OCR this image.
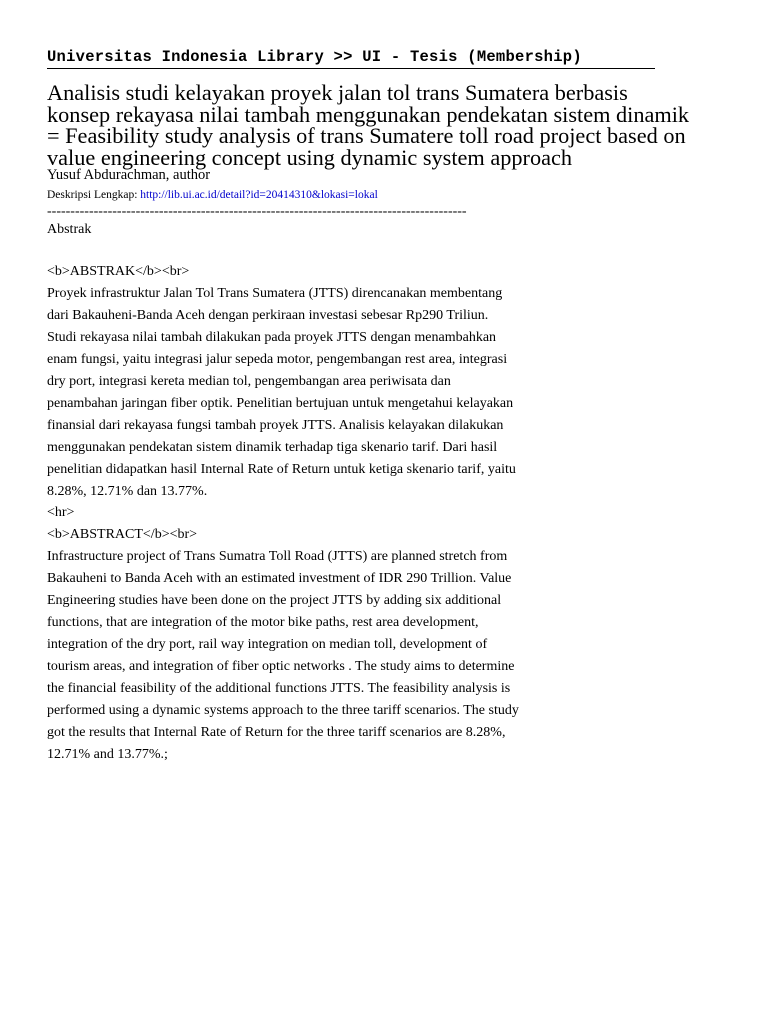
Universitas Indonesia Library >> UI - Tesis (Membership)
Analisis studi kelayakan proyek jalan tol trans Sumatera berbasis
konsep rekayasa nilai tambah menggunakan pendekatan sistem dinamik
= Feasibility study analysis of trans Sumatere toll road project based on
value engineering concept using dynamic system approach
Yusuf Abdurachman, author
Deskripsi Lengkap: http://lib.ui.ac.id/detail?id=20414310&lokasi=lokal
------------------------------------------------------------------------------------------
Abstrak
<b>ABSTRAK</b><br>
Proyek infrastruktur Jalan Tol Trans Sumatera (JTTS) direncanakan membentang
dari Bakauheni-Banda Aceh dengan perkiraan investasi sebesar Rp290 Triliun.
Studi rekayasa nilai tambah dilakukan pada proyek JTTS dengan menambahkan
enam fungsi, yaitu integrasi jalur sepeda motor, pengembangan rest area, integrasi
dry port, integrasi kereta median tol, pengembangan area periwisata dan
penambahan jaringan fiber optik. Penelitian bertujuan untuk mengetahui kelayakan
finansial dari rekayasa fungsi tambah proyek JTTS. Analisis kelayakan dilakukan
menggunakan pendekatan sistem dinamik terhadap tiga skenario tarif. Dari hasil
penelitian didapatkan hasil Internal Rate of Return untuk ketiga skenario tarif, yaitu
8.28%, 12.71% dan 13.77%.
<hr>
<b>ABSTRACT</b><br>
Infrastructure project of Trans Sumatra Toll Road (JTTS) are planned stretch from
Bakauheni to Banda Aceh with an estimated investment of IDR 290 Trillion. Value
Engineering studies have been done on the project JTTS by adding six additional
functions, that are integration of the motor bike paths, rest area development,
integration of the dry port, rail way integration on median toll, development of
tourism areas, and integration of fiber optic networks . The study aims to determine
the financial feasibility of the additional functions JTTS. The feasibility analysis is
performed using a dynamic systems approach to the three tariff scenarios. The study
got the results that Internal Rate of Return for the three tariff scenarios are 8.28%,
12.71% and 13.77%.;
